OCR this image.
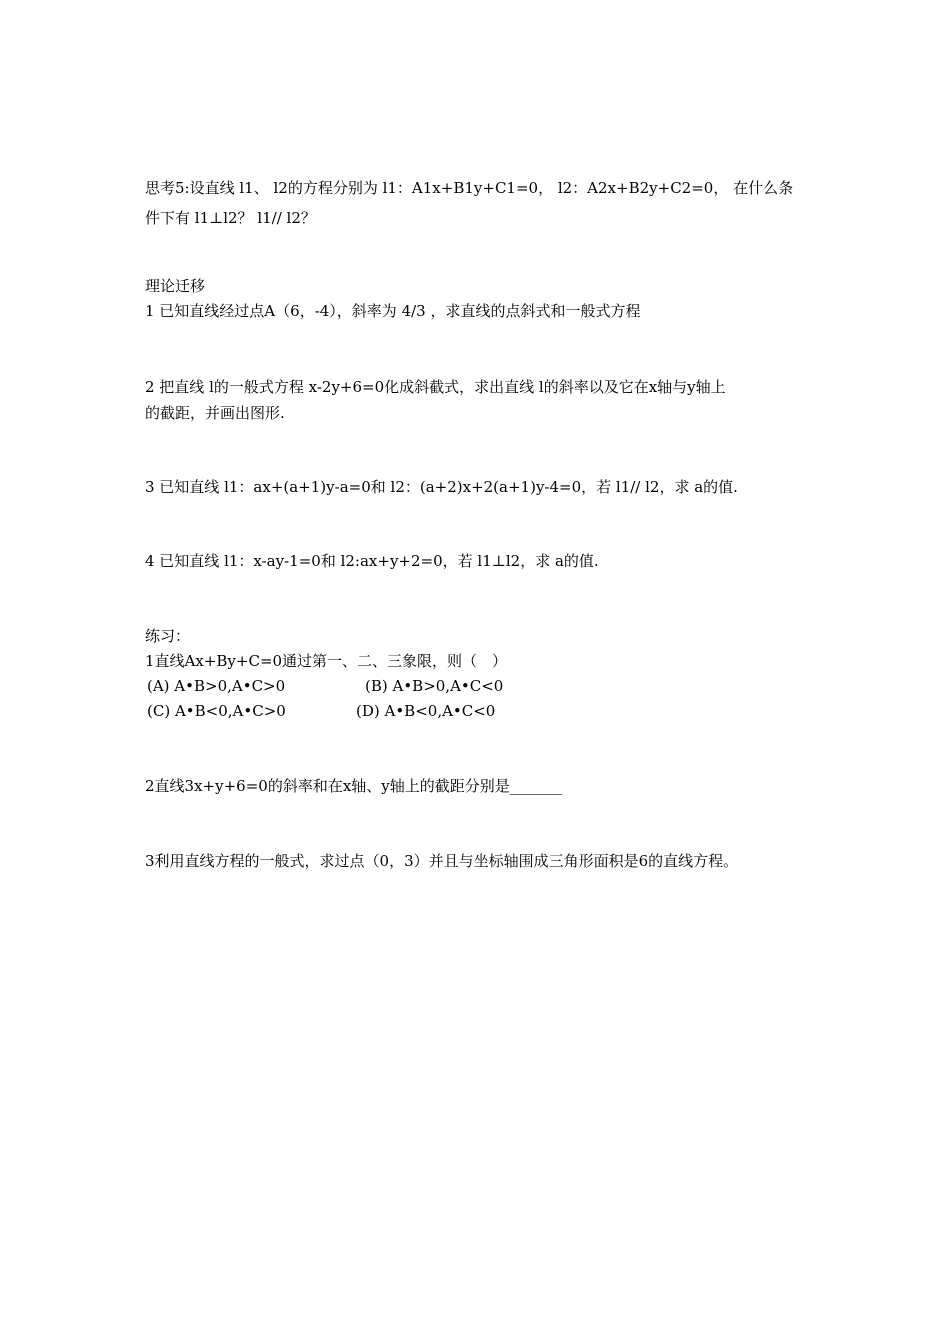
思考5:设直线 l1、 l2的方程分别为 l1：A1x+B1y+C1=0， l2：A2x+B2y+C2=0， 在什么条
件下有 l1⊥l2？ l1// l2？
理论迁移
1 已知直线经过点A（6，-4），斜率为 4/3 ，求直线的点斜式和一般式方程
2 把直线 l的一般式方程 x-2y+6=0化成斜截式，求出直线 l的斜率以及它在x轴与y轴上
的截距，并画出图形.
3 已知直线 l1：ax+(a+1)y-a=0和 l2：(a+2)x+2(a+1)y-4=0，若 l1// l2，求 a的值.
4 已知直线 l1：x-ay-1=0和 l2:ax+y+2=0，若 l1⊥l2，求 a的值.
练习：
1直线Ax+By+C=0通过第一、二、三象限，则（　）
(A) A•B>0,A•C>0	(B) A•B>0,A•C<0
(C) A•B<0,A•C>0	(D) A•B<0,A•C<0
2直线3x+y+6=0的斜率和在x轴、y轴上的截距分别是_______
3利用直线方程的一般式，求过点（0，3）并且与坐标轴围成三角形面积是6的直线方程。
